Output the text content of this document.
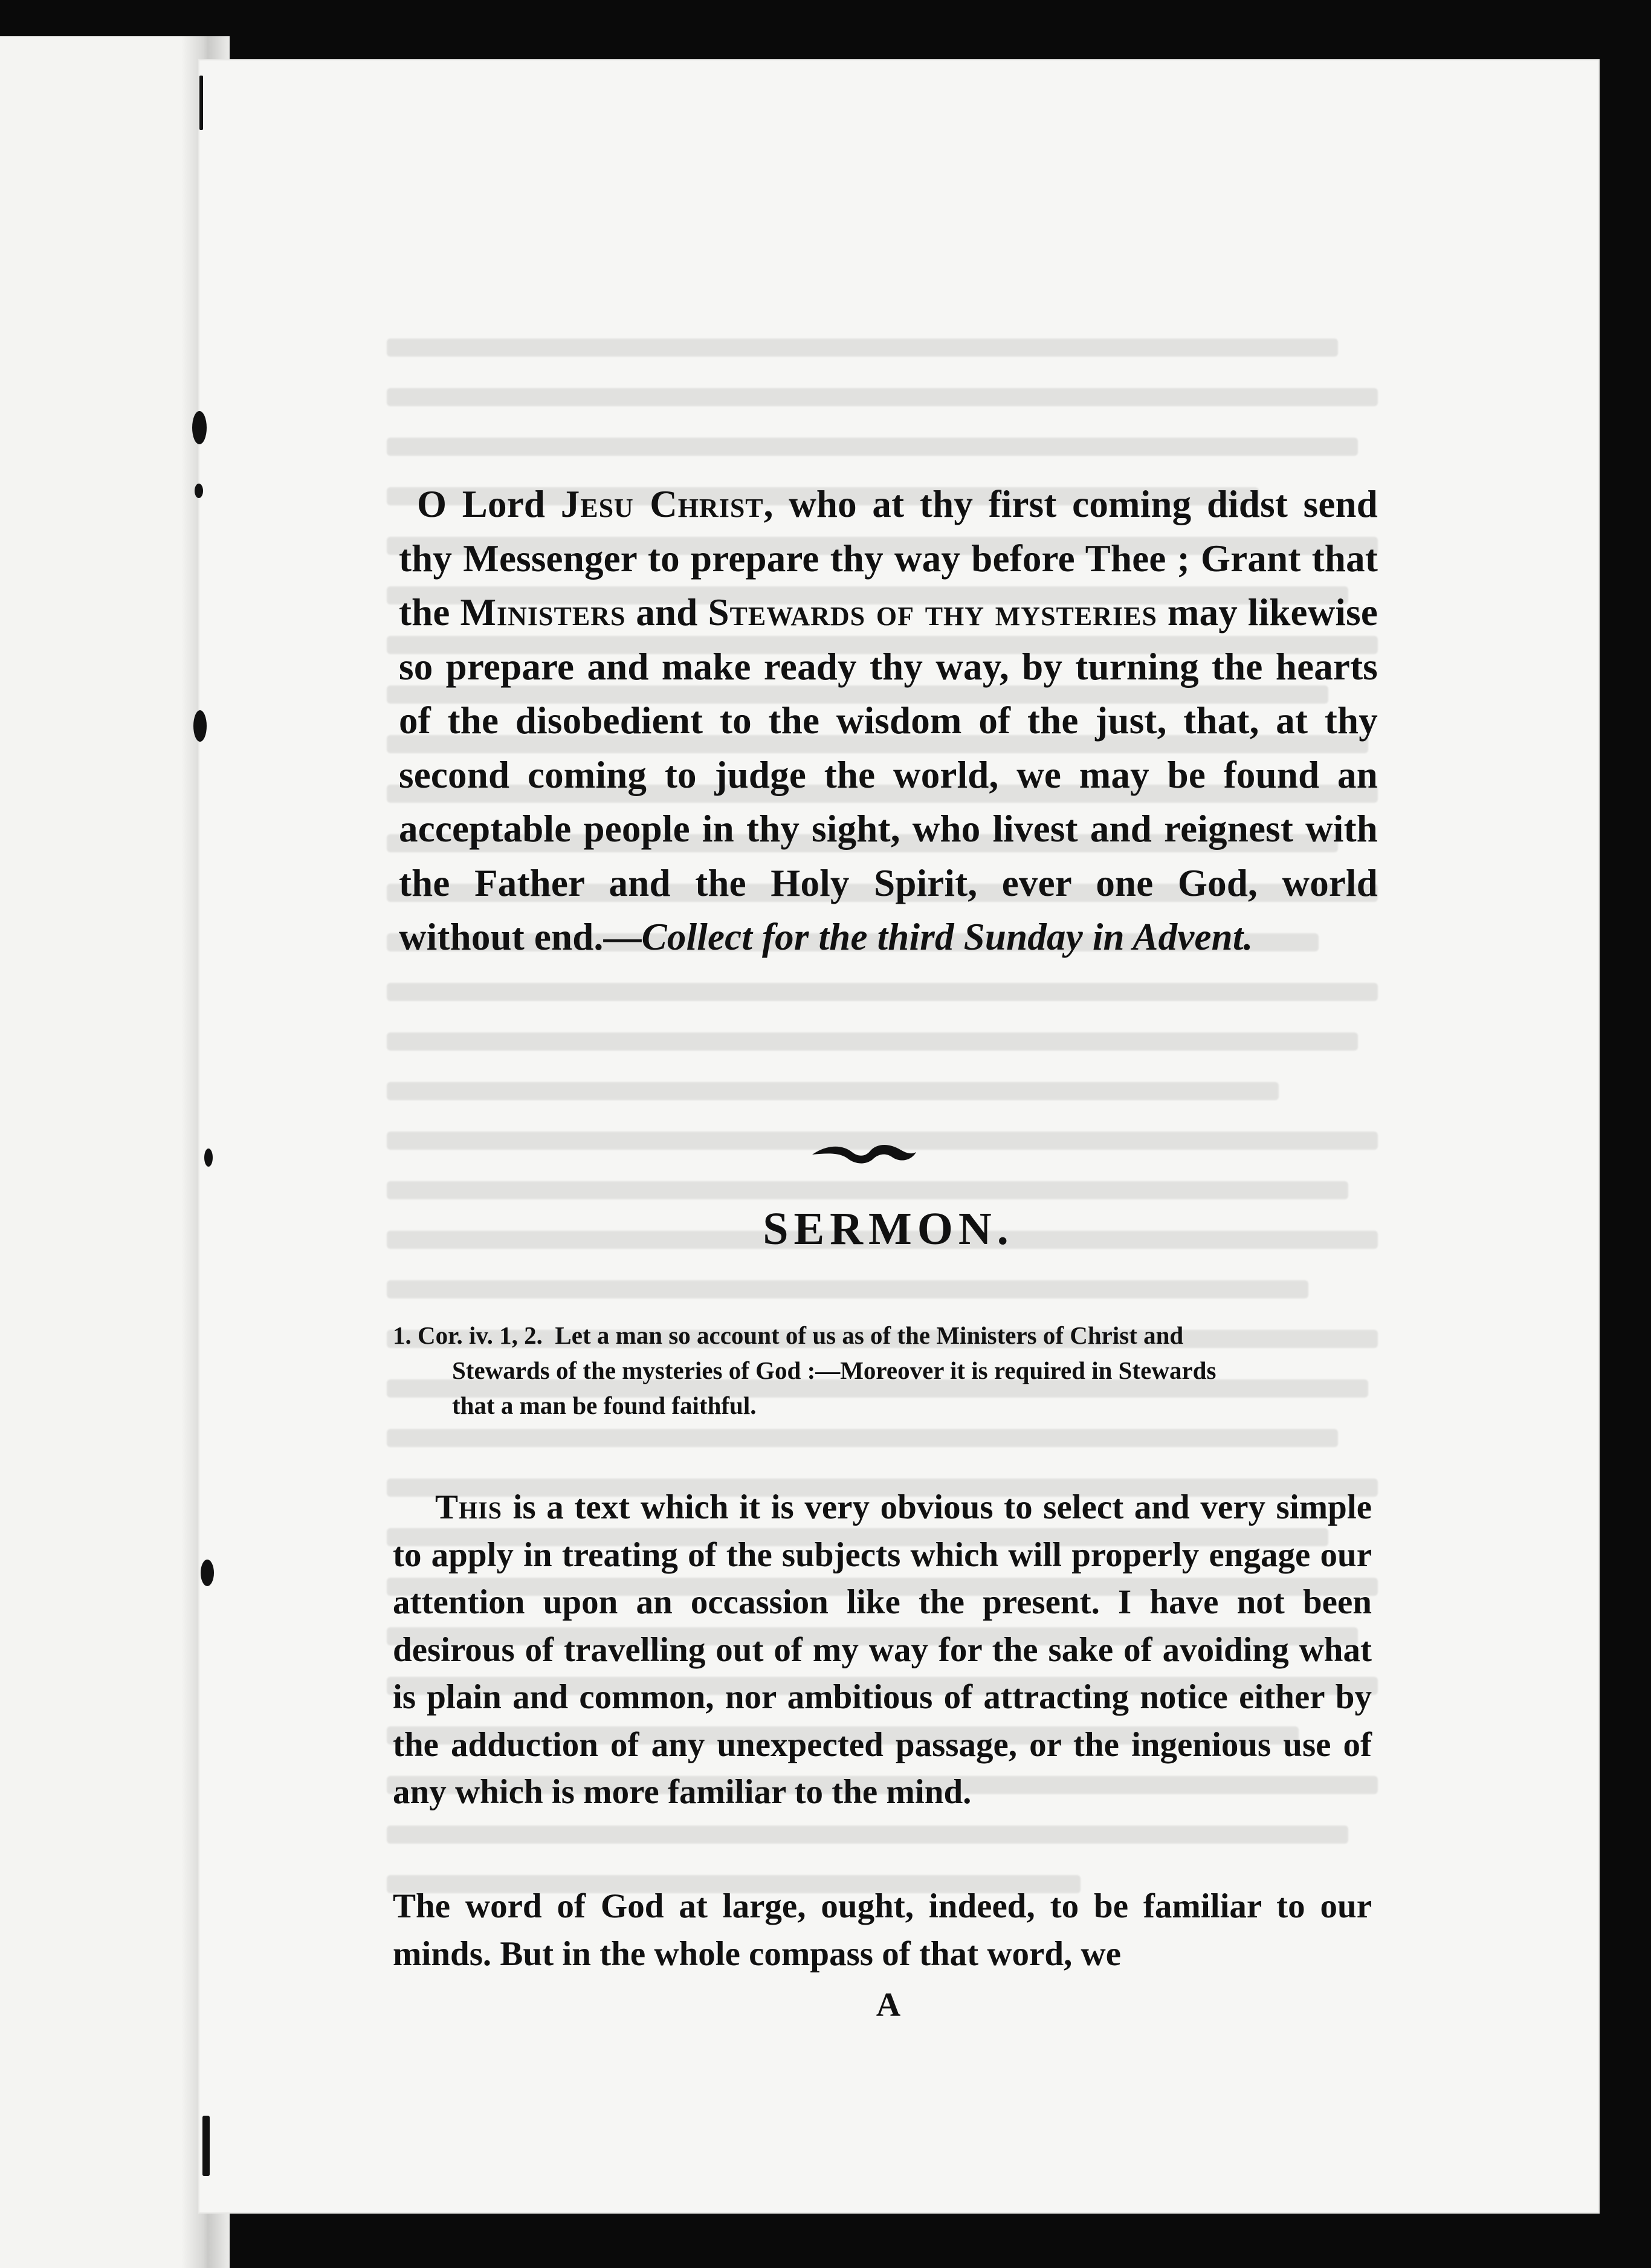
O Lord Jesu Christ, who at thy first coming didst send thy Messenger to prepare thy way before Thee ; Grant that the Ministers and Stewards of thy mysteries may likewise so prepare and make ready thy way, by turning the hearts of the disobedient to the wisdom of the just, that, at thy second coming to judge the world, we may be found an acceptable people in thy sight, who livest and reignest with the Father and the Holy Spirit, ever one God, world without end.—Collect for the third Sunday in Advent.
SERMON.
1. Cor. iv. 1, 2. Let a man so account of us as of the Ministers of Christ and
Stewards of the mysteries of God :—Moreover it is required in Stewards
that a man be found faithful.
This is a text which it is very obvious to select and very simple to apply in treating of the subjects which will properly engage our attention upon an occassion like the present. I have not been desirous of travelling out of my way for the sake of avoiding what is plain and common, nor ambitious of attracting notice either by the adduction of any unexpected passage, or the ingenious use of any which is more familiar to the mind.
The word of God at large, ought, indeed, to be familiar to our minds. But in the whole compass of that word, we
A
